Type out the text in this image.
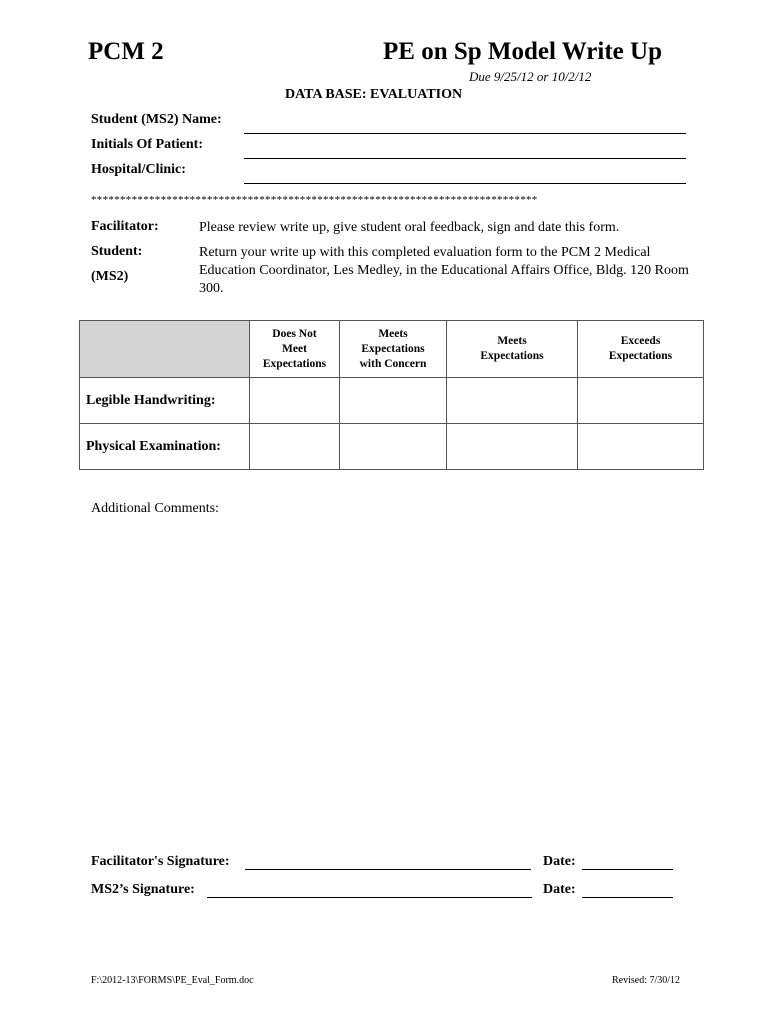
PCM 2	PE on Sp Model Write Up
Due 9/25/12 or 10/2/12
DATA BASE: EVALUATION
Student (MS2) Name:
Initials Of Patient:
Hospital/Clinic:
*****************************************************************************
Facilitator:	Please review write up, give student oral feedback, sign and date this form.
Student:
(MS2)
Return your write up with this completed evaluation form to the PCM 2 Medical Education Coordinator, Les Medley, in the Educational Affairs Office, Bldg. 120 Room 300.

	Does Not
Meet
Expectations	Meets
Expectations
with Concern	Meets
Expectations	Exceeds
Expectations

Legible Handwriting:				
Physical Examination:				
Additional Comments:
Facilitator's Signature:	Date:
MS2’s Signature:	Date:
F:\2012-13\FORMS\PE_Eval_Form.doc	Revised: 7/30/12
